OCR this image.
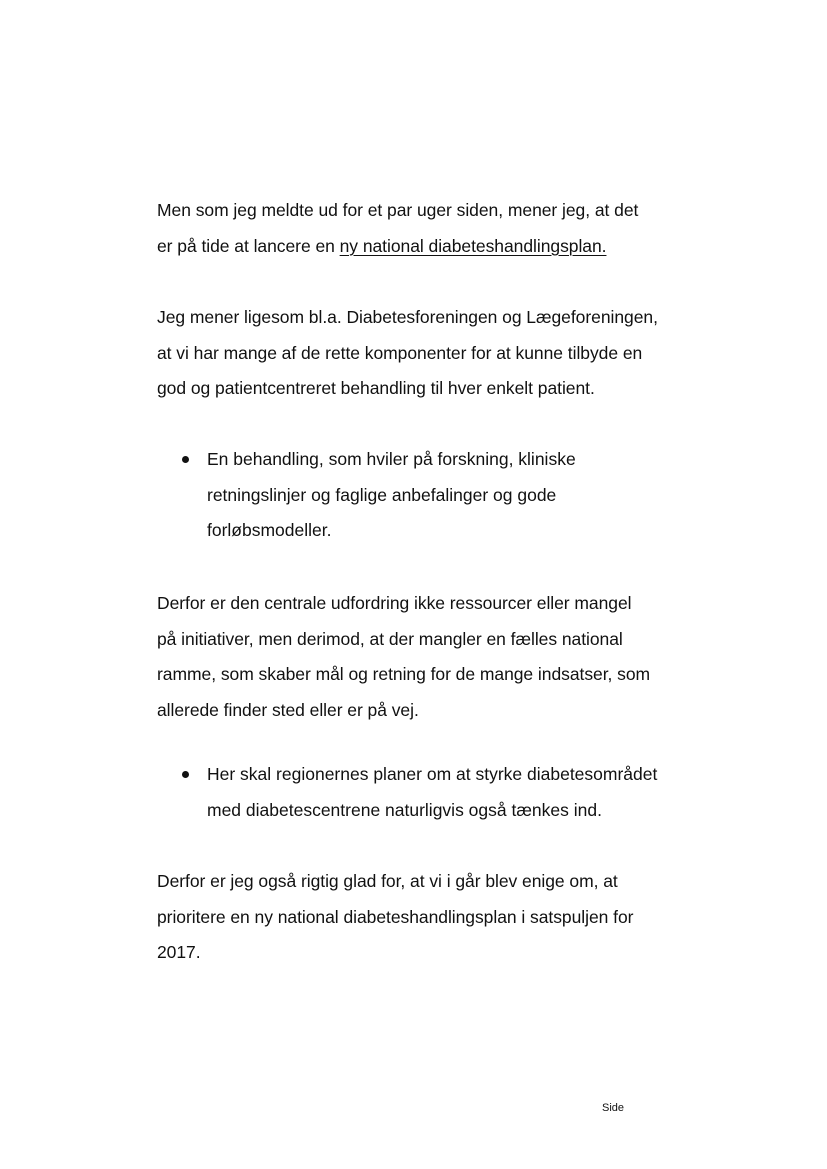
Men som jeg meldte ud for et par uger siden, mener jeg, at det
er på tide at lancere en ny national diabeteshandlingsplan.
Jeg mener ligesom bl.a. Diabetesforeningen og Lægeforeningen,
at vi har mange af de rette komponenter for at kunne tilbyde en
god og patientcentreret behandling til hver enkelt patient.
En behandling, som hviler på forskning, kliniske
retningslinjer og faglige anbefalinger og gode
forløbsmodeller.
Derfor er den centrale udfordring ikke ressourcer eller mangel
på initiativer, men derimod, at der mangler en fælles national
ramme, som skaber mål og retning for de mange indsatser, som
allerede finder sted eller er på vej.
Her skal regionernes planer om at styrke diabetesområdet
med diabetescentrene naturligvis også tænkes ind.
Derfor er jeg også rigtig glad for, at vi i går blev enige om, at
prioritere en ny national diabeteshandlingsplan i satspuljen for
2017.
Side
